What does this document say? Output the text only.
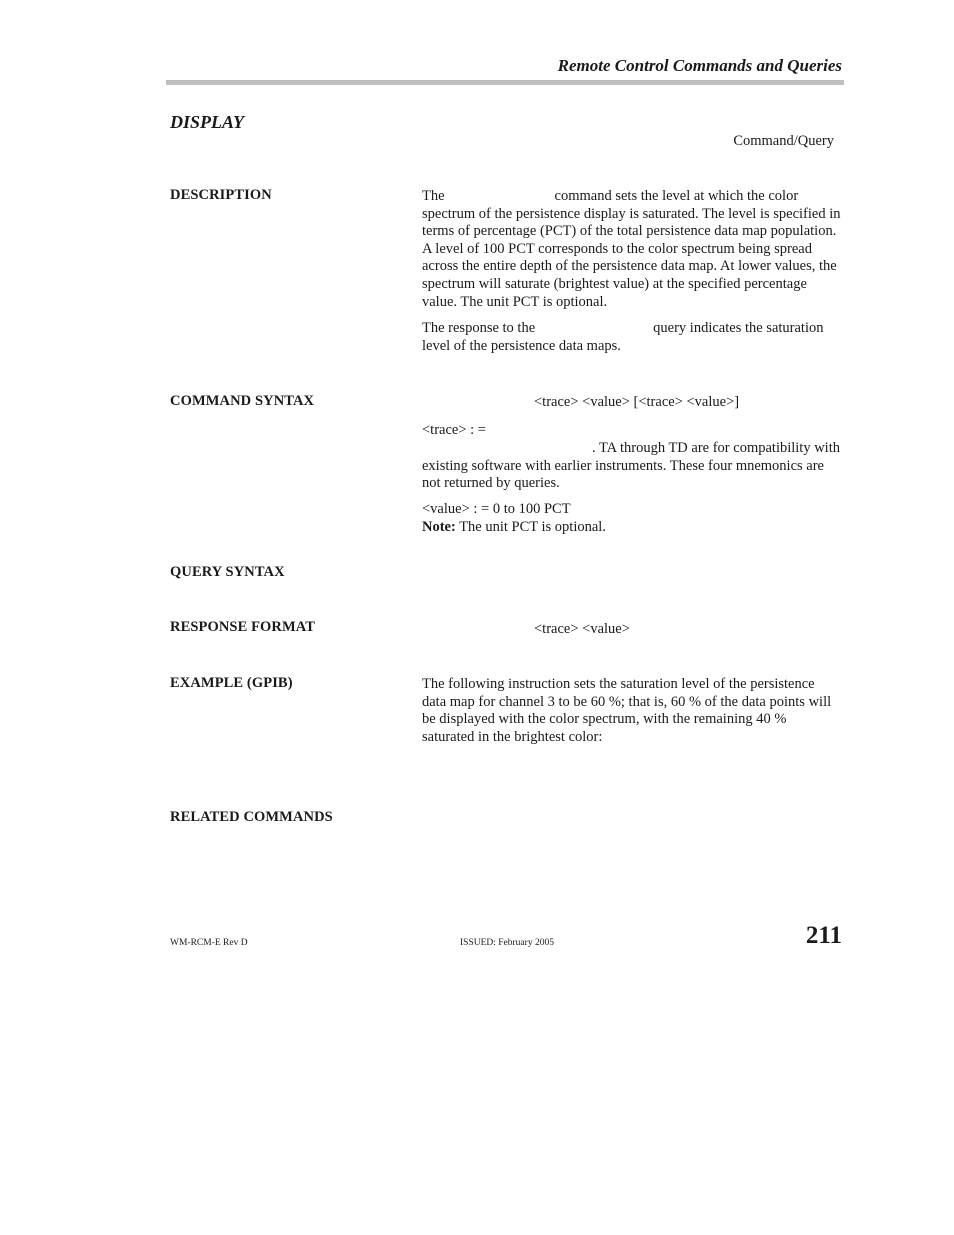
Remote Control Commands and Queries
DISPLAY
Command/Query
DESCRIPTION	The	command sets the level at which the color spectrum of the persistence display is saturated. The level is specified in terms of percentage (PCT) of the total persistence data map population. A level of 100 PCT corresponds to the color spectrum being spread across the entire depth of the persistence data map. At lower values, the spectrum will saturate (brightest value) at the specified percentage value. The unit PCT is optional.

The response to the	query indicates the saturation level of the persistence data maps.

COMMAND SYNTAX	<trace> <value> [<trace> <value>]

<trace> : =

. TA through TD are for compatibility with existing software with earlier instruments. These four mnemonics are not returned by queries.

<value> : = 0 to 100 PCT

Note: The unit PCT is optional.

QUERY SYNTAX
RESPONSE FORMAT	<trace> <value>
EXAMPLE (GPIB)	The following instruction sets the saturation level of the persistence data map for channel 3 to be 60 %; that is, 60 % of the data points will be displayed with the color spectrum, with the remaining 40 % saturated in the brightest color:
RELATED COMMANDS
WM-RCM-E Rev D	ISSUED: February 2005	211
